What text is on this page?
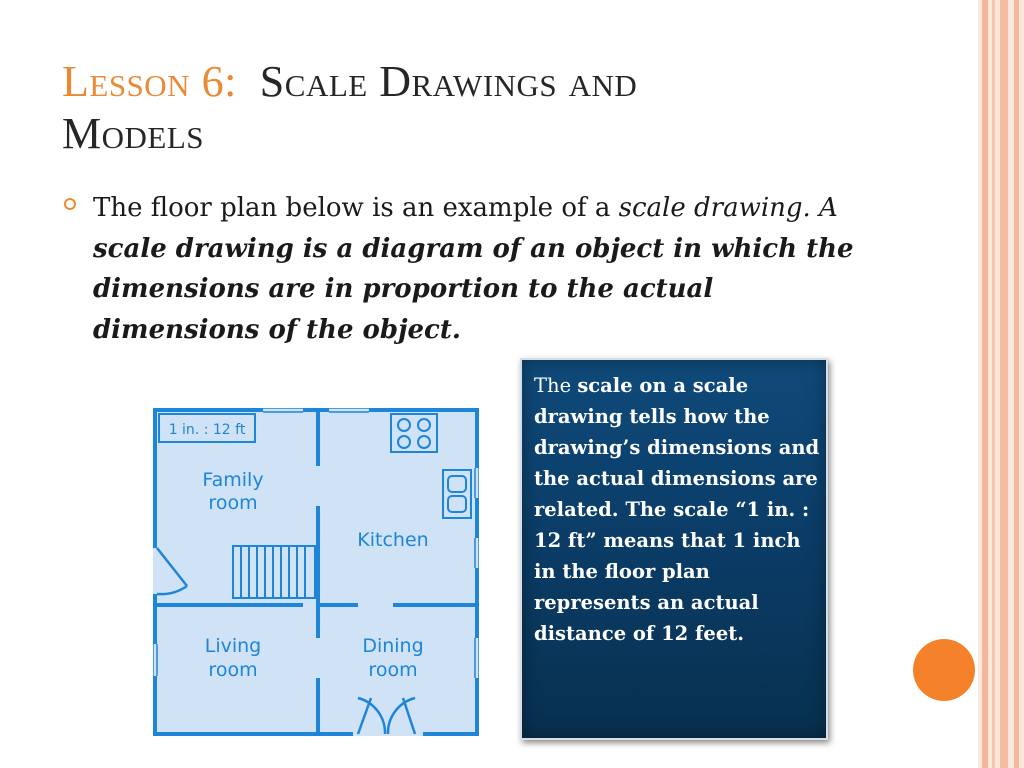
Lesson 6: Scale Drawings and
Models
The floor plan below is an example of a scale drawing. A scale drawing is a diagram of an object in which the dimensions are in proportion to the actual dimensions of the object.
1 in. : 12 ft
Family
room
Kitchen
Living
room
Dining
room
The scale on a scale drawing tells how the drawing’s dimensions and the actual dimensions are related. The scale “1 in. : 12 ft” means that 1 inch in the floor plan represents an actual distance of 12 feet.
